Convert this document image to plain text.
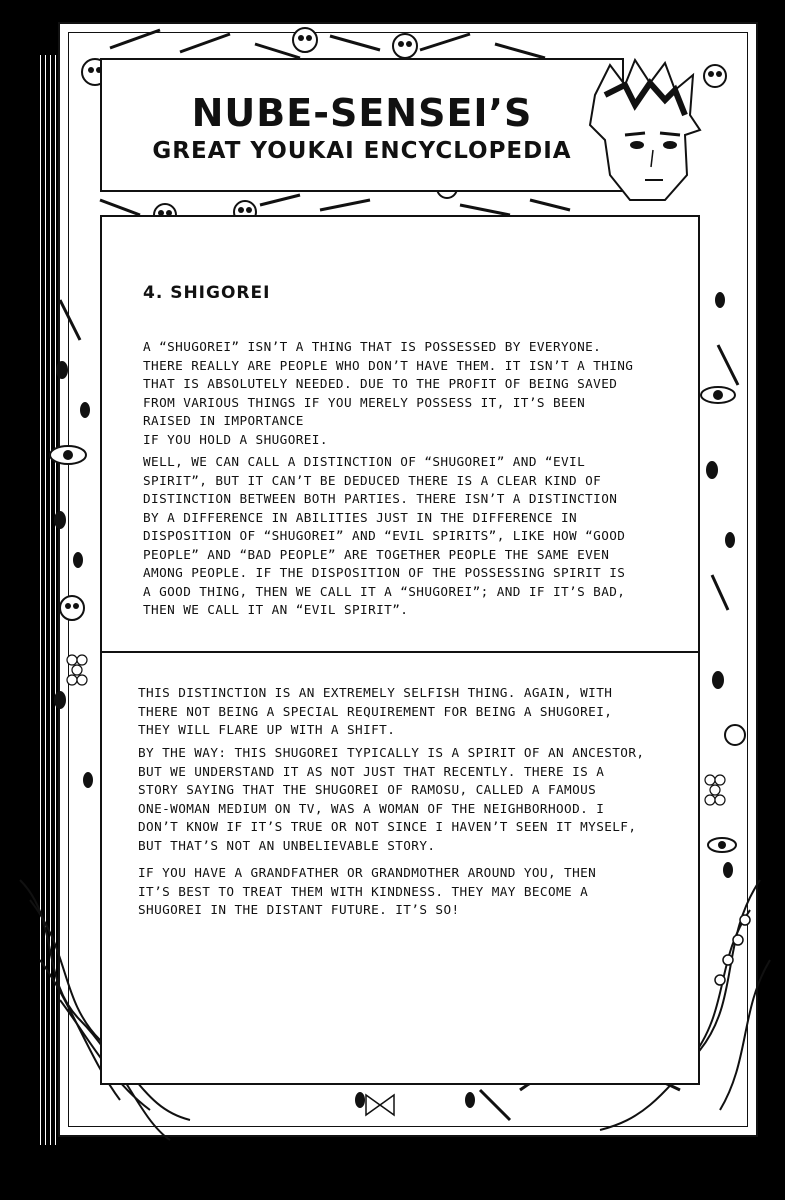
NUBE-SENSEI’S
GREAT YOUKAI ENCYCLOPEDIA
4. SHIGOREI

A “SHUGOREI” ISN’T A THING THAT IS POSSESSED BY EVERYONE.
THERE REALLY ARE PEOPLE WHO DON’T HAVE THEM. IT ISN’T A THING
THAT IS ABSOLUTELY NEEDED. DUE TO THE PROFIT OF BEING SAVED
FROM VARIOUS THINGS IF YOU MERELY POSSESS IT, IT’S BEEN
RAISED IN IMPORTANCE
IF YOU HOLD A SHUGOREI.

WELL, WE CAN CALL A DISTINCTION OF “SHUGOREI” AND “EVIL
SPIRIT”, BUT IT CAN’T BE DEDUCED THERE IS A CLEAR KIND OF
DISTINCTION BETWEEN BOTH PARTIES. THERE ISN’T A DISTINCTION
BY A DIFFERENCE IN ABILITIES JUST IN THE DIFFERENCE IN
DISPOSITION OF “SHUGOREI” AND “EVIL SPIRITS”, LIKE HOW “GOOD
PEOPLE” AND “BAD PEOPLE” ARE TOGETHER PEOPLE THE SAME EVEN
AMONG PEOPLE. IF THE DISPOSITION OF THE POSSESSING SPIRIT IS
A GOOD THING, THEN WE CALL IT A “SHUGOREI”; AND IF IT’S BAD,
THEN WE CALL IT AN “EVIL SPIRIT”.

THIS DISTINCTION IS AN EXTREMELY SELFISH THING. AGAIN, WITH
THERE NOT BEING A SPECIAL REQUIREMENT FOR BEING A SHUGOREI,
THEY WILL FLARE UP WITH A SHIFT.

BY THE WAY: THIS SHUGOREI TYPICALLY IS A SPIRIT OF AN ANCESTOR,
BUT WE UNDERSTAND IT AS NOT JUST THAT RECENTLY. THERE IS A
STORY SAYING THAT THE SHUGOREI OF RAMOSU, CALLED A FAMOUS
ONE-WOMAN MEDIUM ON TV, WAS A WOMAN OF THE NEIGHBORHOOD. I
DON’T KNOW IF IT’S TRUE OR NOT SINCE I HAVEN’T SEEN IT MYSELF,
BUT THAT’S NOT AN UNBELIEVABLE STORY.

IF YOU HAVE A GRANDFATHER OR GRANDMOTHER AROUND YOU, THEN
IT’S BEST TO TREAT THEM WITH KINDNESS. THEY MAY BECOME A
SHUGOREI IN THE DISTANT FUTURE. IT’S SO!
